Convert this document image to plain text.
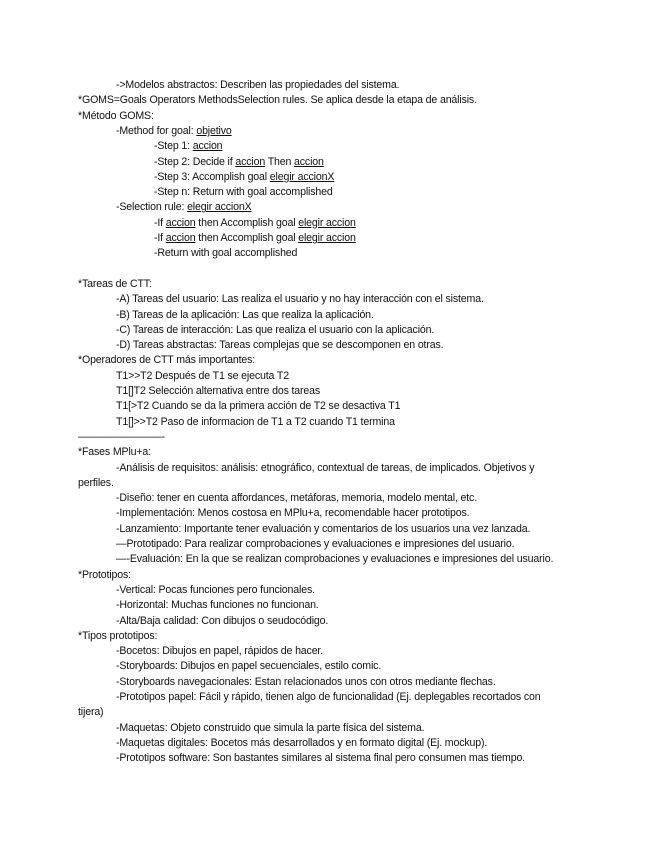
->Modelos abstractos: Describen las propiedades del sistema.
*GOMS=Goals Operators MethodsSelection rules. Se aplica desde la etapa de análisis.
*Método GOMS:
-Method for goal: objetivo
-Step 1: accion
-Step 2: Decide if accion Then accion
-Step 3: Accomplish goal elegir accionX
-Step n: Return with goal accomplished
-Selection rule: elegir accionX
-If accion then Accomplish goal elegir accion
-If accion then Accomplish goal elegir accion
-Return with goal accomplished
*Tareas de CTT:
-A) Tareas del usuario: Las realiza el usuario y no hay interacción con el sistema.
-B) Tareas de la aplicación: Las que realiza la aplicación.
-C) Tareas de interacción: Las que realiza el usuario con la aplicación.
-D) Tareas abstractas: Tareas complejas que se descomponen en otras.
*Operadores de CTT más importantes:
T1>>T2 Después de T1 se ejecuta T2
T1[]T2 Selección alternativa entre dos tareas
T1[>T2 Cuando se da la primera acción de T2 se desactiva T1
T1[]>>T2 Paso de informacion de T1 a T2 cuando T1 termina
————————-
*Fases MPlu+a:
-Análisis de requisitos: análisis: etnográfico, contextual de tareas, de implicados. Objetivos y
perfiles.
-Diseño: tener en cuenta affordances, metáforas, memoria, modelo mental, etc.
-Implementación: Menos costosa en MPlu+a, recomendable hacer prototipos.
-Lanzamiento: Importante tener evaluación y comentarios de los usuarios una vez lanzada.
—Prototipado: Para realizar comprobaciones y evaluaciones e impresiones del usuario.
—-Evaluación: En la que se realizan comprobaciones y evaluaciones e impresiones del usuario.
*Prototipos:
-Vertical: Pocas funciones pero funcionales.
-Horizontal: Muchas funciones no funcionan.
-Alta/Baja calidad: Con dibujos o seudocódigo.
*Tipos prototipos:
-Bocetos: Dibujos en papel, rápidos de hacer.
-Storyboards: Dibujos en papel secuenciales, estilo comic.
-Storyboards navegacionales: Estan relacionados unos con otros mediante flechas.
-Prototipos papel: Fácil y rápido, tienen algo de funcionalidad (Ej. deplegables recortados con
tijera)
-Maquetas: Objeto construido que simula la parte física del sistema.
-Maquetas digitales: Bocetos más desarrollados y en formato digital (Ej. mockup).
-Prototipos software: Son bastantes similares al sistema final pero consumen mas tiempo.
